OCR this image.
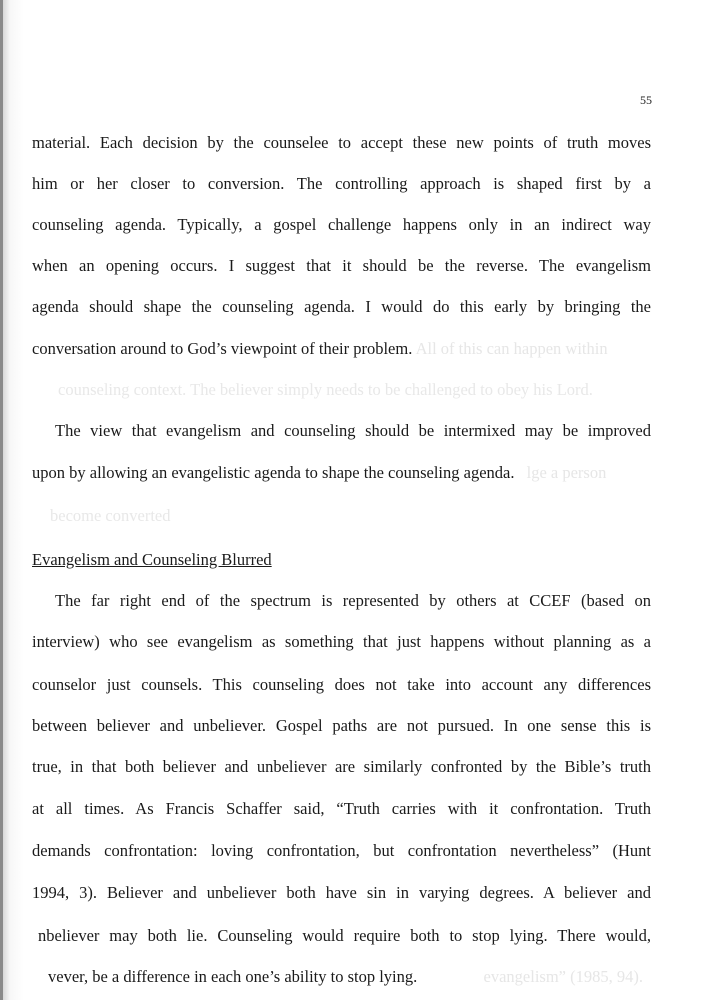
55
material. Each decision by the counselee to accept these new points of truth moves
him or her closer to conversion. The controlling approach is shaped first by a
counseling agenda. Typically, a gospel challenge happens only in an indirect way
when an opening occurs. I suggest that it should be the reverse. The evangelism
agenda should shape the counseling agenda. I would do this early by bringing the
conversation around to God’s viewpoint of their problem. All of this can happen within
counseling context. The believer simply needs to be challenged to obey his Lord.
The view that evangelism and counseling should be intermixed may be improved
upon by allowing an evangelistic agenda to shape the counseling agenda. lge a person
become converted
Evangelism and Counseling Blurred
The far right end of the spectrum is represented by others at CCEF (based on
interview) who see evangelism as something that just happens without planning as a
counselor just counsels. This counseling does not take into account any differences
between believer and unbeliever. Gospel paths are not pursued. In one sense this is
true, in that both believer and unbeliever are similarly confronted by the Bible’s truth
at all times. As Francis Schaffer said, “Truth carries with it confrontation. Truth
demands confrontation: loving confrontation, but confrontation nevertheless” (Hunt
1994, 3). Believer and unbeliever both have sin in varying degrees. A believer and
nbeliever may both lie. Counseling would require both to stop lying. There would,
vever, be a difference in each one’s ability to stop lying.	evangelism” (1985, 94).
